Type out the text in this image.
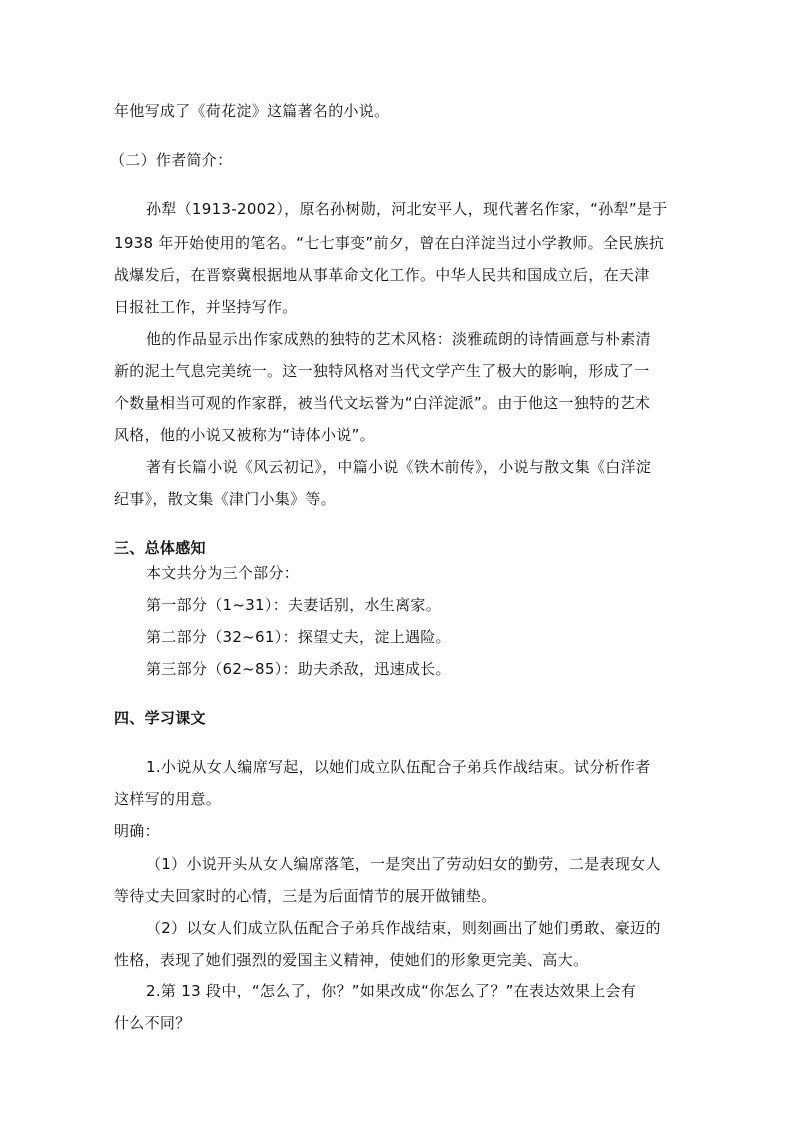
年他写成了《荷花淀》这篇著名的小说。
（二）作者简介：
孙犁（1913-2002），原名孙树勋，河北安平人，现代著名作家，“孙犁”是于
1938 年开始使用的笔名。“七七事变”前夕，曾在白洋淀当过小学教师。全民族抗
战爆发后，在晋察冀根据地从事革命文化工作。中华人民共和国成立后，在天津
日报社工作，并坚持写作。
他的作品显示出作家成熟的独特的艺术风格：淡雅疏朗的诗情画意与朴素清
新的泥土气息完美统一。这一独特风格对当代文学产生了极大的影响，形成了一
个数量相当可观的作家群，被当代文坛誉为“白洋淀派”。由于他这一独特的艺术
风格，他的小说又被称为“诗体小说”。
著有长篇小说《风云初记》，中篇小说《铁木前传》，小说与散文集《白洋淀
纪事》，散文集《津门小集》等。
三、总体感知
本文共分为三个部分：
第一部分（1~31）：夫妻话别，水生离家。
第二部分（32~61）：探望丈夫，淀上遇险。
第三部分（62~85）：助夫杀敌，迅速成长。
四、学习课文
1.小说从女人编席写起，以她们成立队伍配合子弟兵作战结束。试分析作者
这样写的用意。
明确：
（1）小说开头从女人编席落笔，一是突出了劳动妇女的勤劳，二是表现女人
等待丈夫回家时的心情，三是为后面情节的展开做铺垫。
（2）以女人们成立队伍配合子弟兵作战结束，则刻画出了她们勇敢、豪迈的
性格，表现了她们强烈的爱国主义精神，使她们的形象更完美、高大。
2.第 13 段中，“怎么了，你？”如果改成“你怎么了？”在表达效果上会有
什么不同？
